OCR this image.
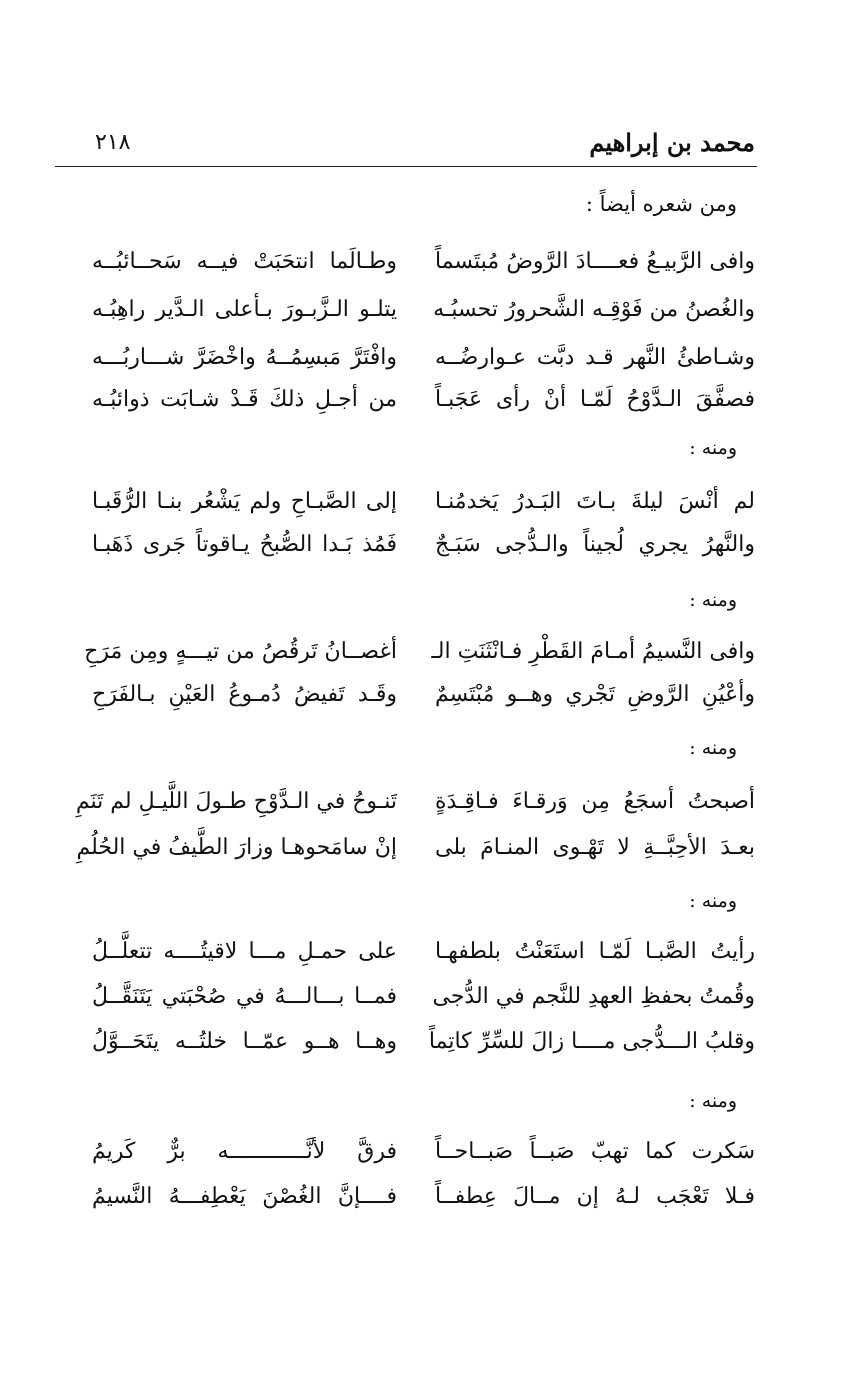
محمد بن إبراهيم
٢١٨
ومن شعره أيضاً :
وافى الرَّبيـعُ فعــــادَ الرَّوضُ مُبتَسماً
وطـالَما انتحَبَتْ فيــه سَحــائبُــه
والغُصنُ من فَوْقِـه الشَّحرورُ تحسبُـه
يتلـو الـزَّبـورَ بـأعلى الـدَّير راهِبُـه
وشـاطئُ النَّهر قـد دبَّت عـوارضُــه
وافْتَرَّ مَبسِمُــهُ واخْضَرَّ شـــاربُـــه
فصفَّقَ الـدَّوْحُ لَمّـا أنْ رأى عَجَبـاً
من أجـلِ ذلكَ قَـدْ شـابَت ذوائبُـه
ومنه :
لم أنْسَ ليلةَ بـاتَ البَـدرُ يَخدمُنـا
إلى الصَّبـاحِ ولم يَشْعُر بنـا الرُّقَبـا
والنَّهرُ يجري لُجيناً والـدُّجى سَبَـجٌ
فَمُذ بَـدا الصُّبحُ يـاقوتاً جَرى ذَهَبـا
ومنه :
وافى النَّسيمُ أمـامَ القَطْرِ فـانْثَنَتِ الـ
أغصــانُ تَرقُصُ من تيـــهٍ ومِن مَرَحِ
وأعْيُنِ الرَّوضِ تَجْري وهــو مُبْتَسِمٌ
وقَـد تَفيضُ دُمـوعُ العَيْنِ بـالفَرَحِ
ومنه :
أصبحتُ أسجَعُ مِن وَرقـاءَ فـاقِـدَةٍ
تَنـوحُ في الـدَّوْحِ طـولَ اللَّيـلِ لم تَنَمِ
بعـدَ الأحِبَّــةِ لا تَهْـوى المنـامَ بلى
إنْ سامَحوهـا وزارَ الطَّيفُ في الحُلُمِ
ومنه :
رأيتُ الصَّبـا لَمّـا استَعَنْتُ بلطفهـا
على حمـلِ مـــا لاقيتُــــه تتعلَّــلُ
وقُمتُ بحفظِ العهدِ للنَّجم في الدُّجى
فمــا بـــالـــهُ في صُحْبَتي يَتَنَقَّــلُ
وقلبُ الـــدُّجى مــــا زالَ للسِّرِّ كاتِماً
وهــا هــو عمّــا خلتُــه يتَحَــوَّلُ
ومنه :
سَكرت كما تهبّ صَبــاً صَبــاحــاً
فرقَّ لأنَّــــــــــــه برٌّ كَريمُ
فـلا تَعْجَب لـهُ إن مــالَ عِطفــاً
فــــإنَّ الغُصْنَ يَعْطِفـــهُ النَّسيمُ
